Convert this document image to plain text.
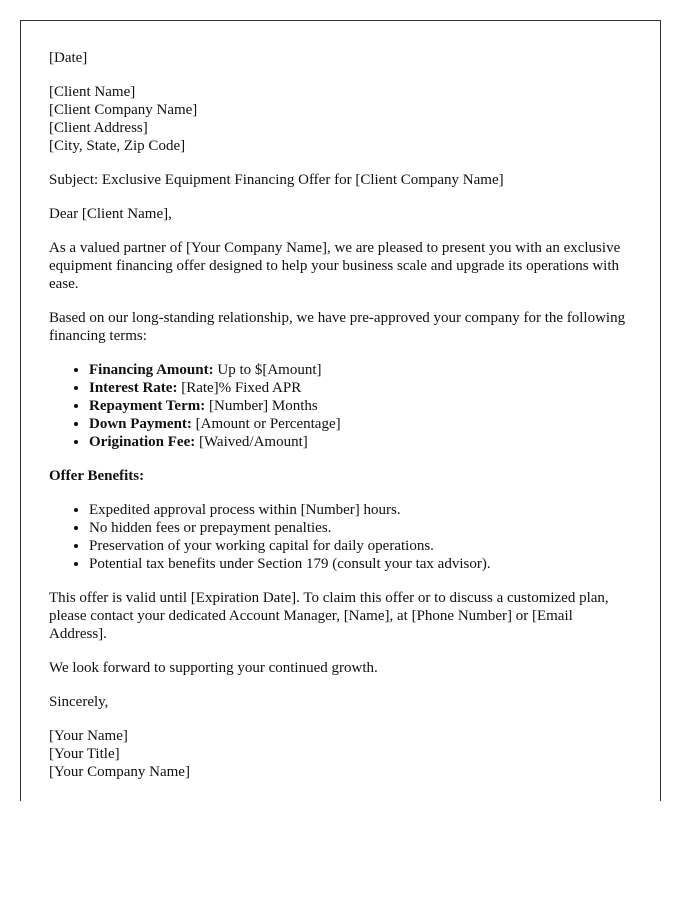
[Date]

[Client Name]
[Client Company Name]
[Client Address]
[City, State, Zip Code]

Subject: Exclusive Equipment Financing Offer for [Client Company Name]

Dear [Client Name],

As a valued partner of [Your Company Name], we are pleased to present you with an exclusive equipment financing offer designed to help your business scale and upgrade its operations with ease.

Based on our long-standing relationship, we have pre-approved your company for the following financing terms:

• Financing Amount: Up to $[Amount]
• Interest Rate: [Rate]% Fixed APR
• Repayment Term: [Number] Months
• Down Payment: [Amount or Percentage]
• Origination Fee: [Waived/Amount]

Offer Benefits:

• Expedited approval process within [Number] hours.
• No hidden fees or prepayment penalties.
• Preservation of your working capital for daily operations.
• Potential tax benefits under Section 179 (consult your tax advisor).

This offer is valid until [Expiration Date]. To claim this offer or to discuss a customized plan, please contact your dedicated Account Manager, [Name], at [Phone Number] or [Email Address].

We look forward to supporting your continued growth.

Sincerely,

[Your Name]
[Your Title]
[Your Company Name]
